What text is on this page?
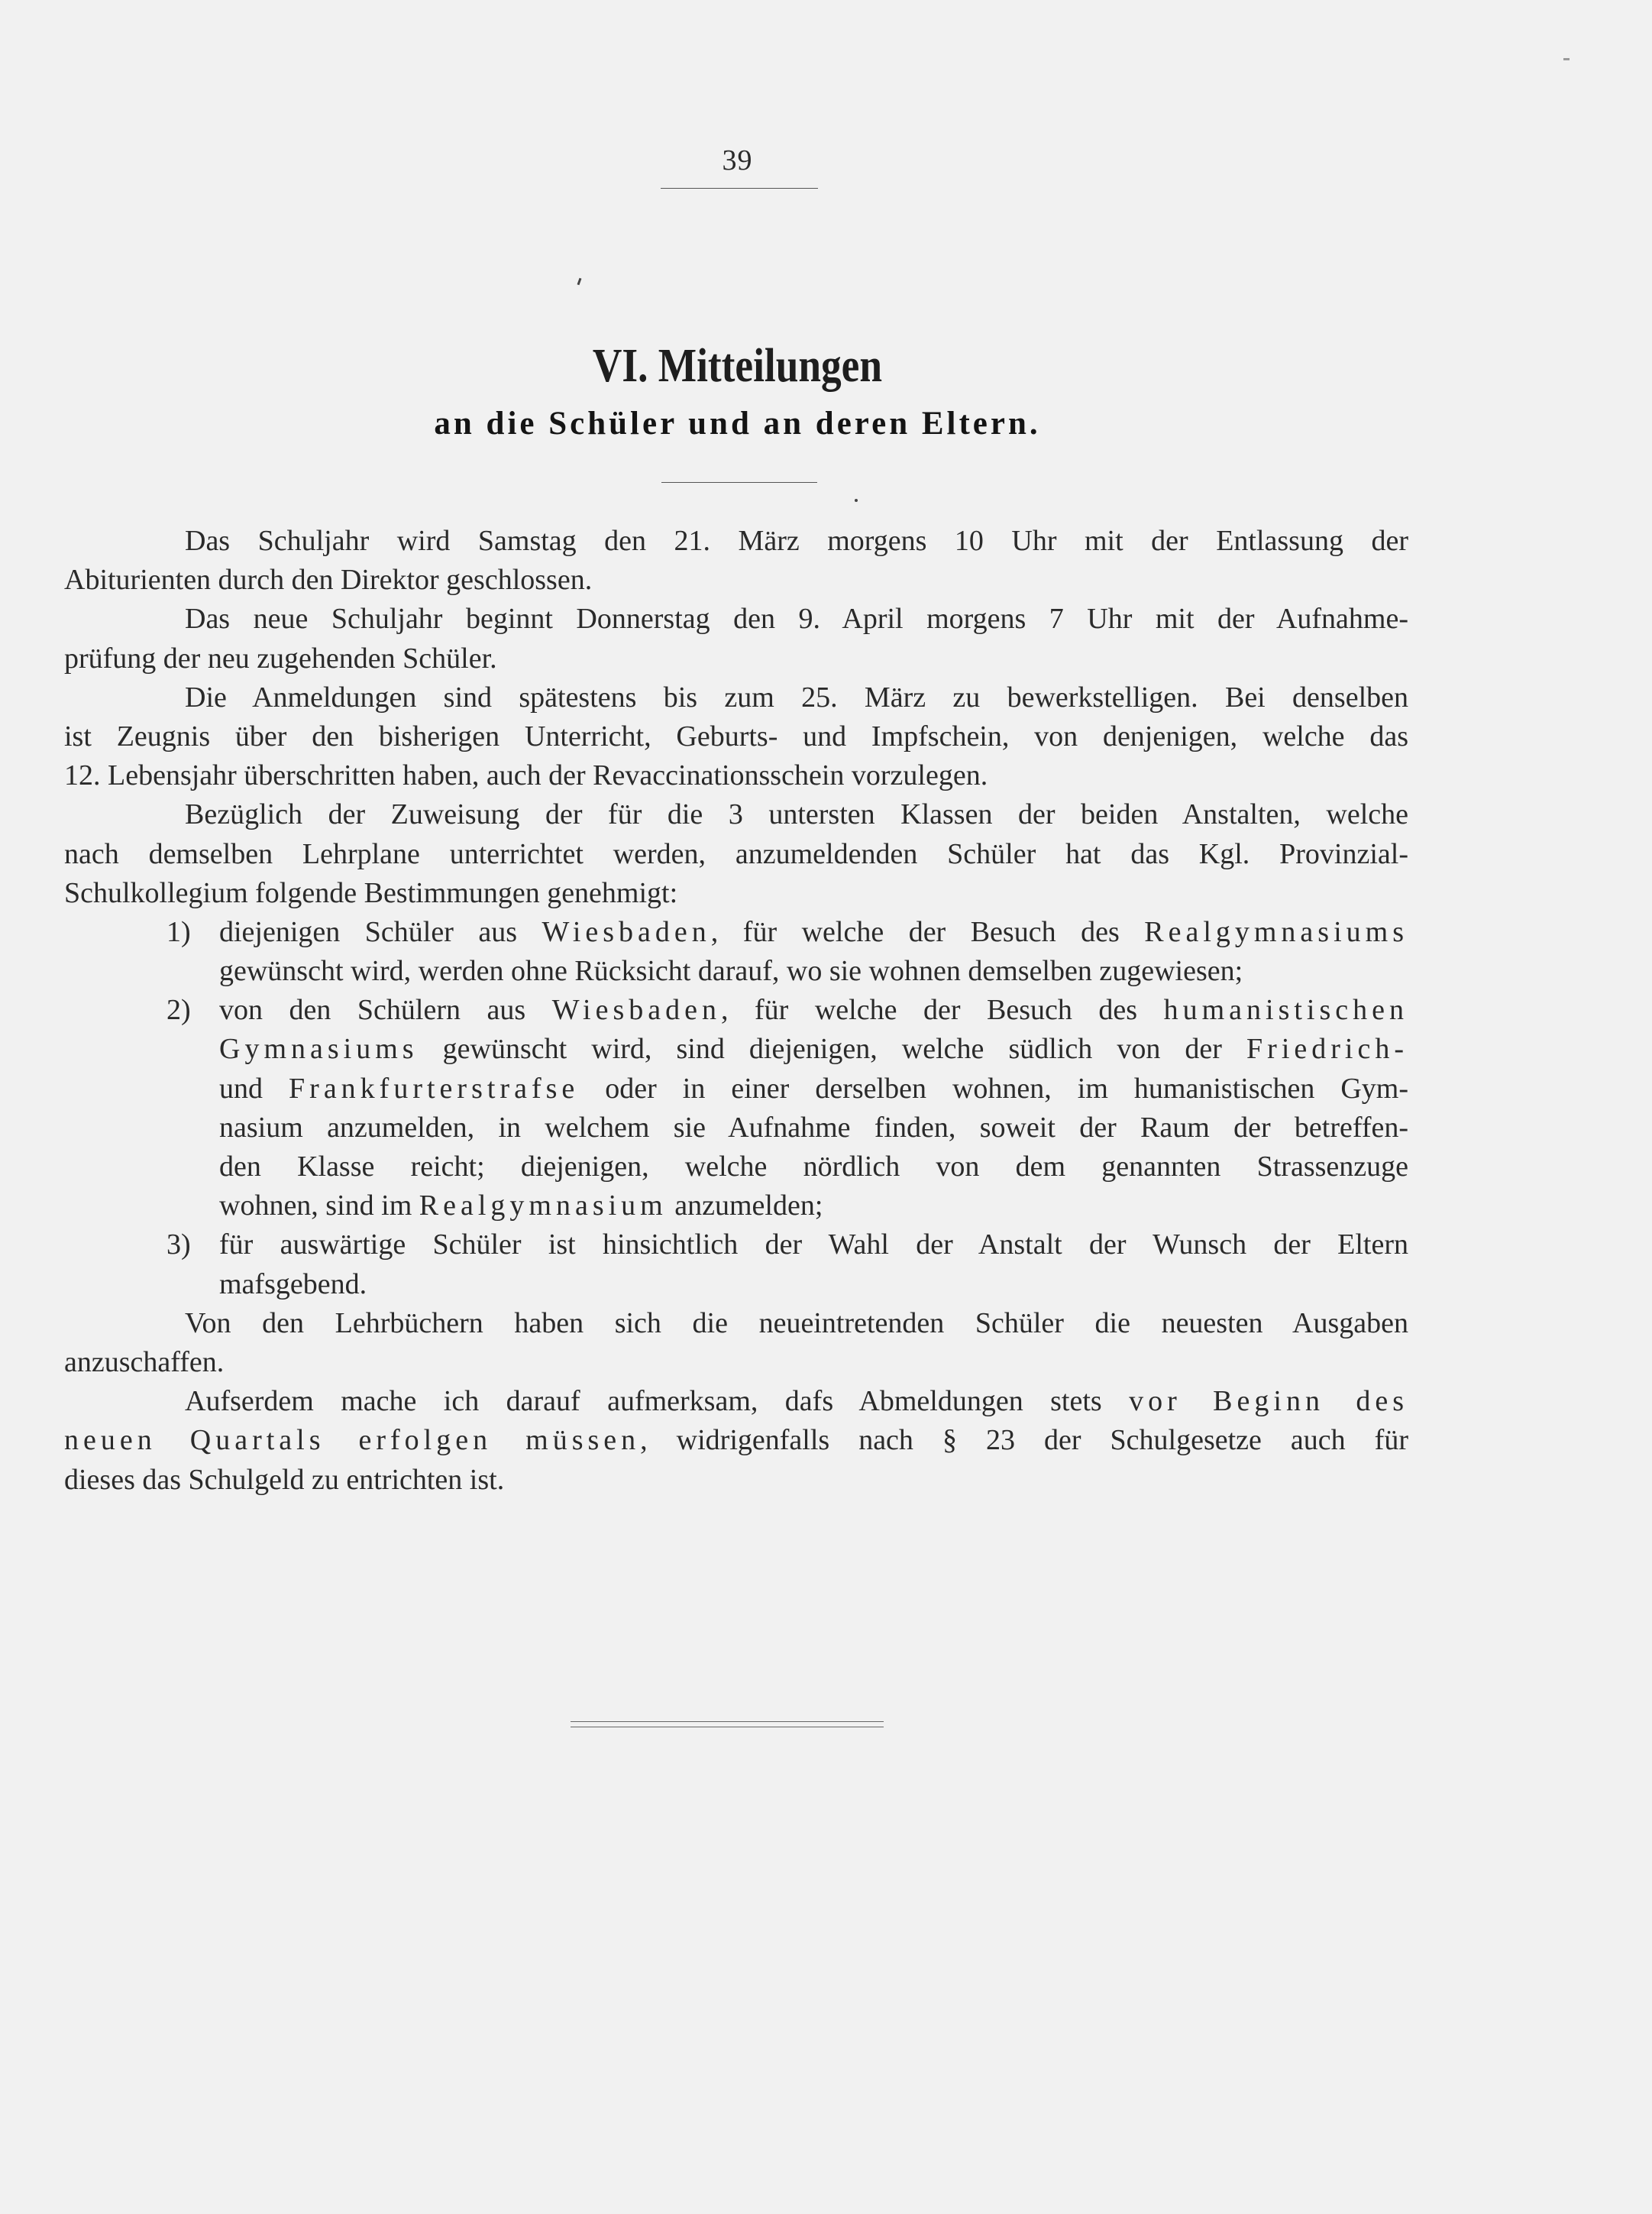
39
VI. Mitteilungen
an die Schüler und an deren Eltern.
Das Schuljahr wird Samstag den 21. März morgens 10 Uhr mit der Entlassung der
Abiturienten durch den Direktor geschlossen.
Das neue Schuljahr beginnt Donnerstag den 9. April morgens 7 Uhr mit der Aufnahme-
prüfung der neu zugehenden Schüler.
Die Anmeldungen sind spätestens bis zum 25. März zu bewerkstelligen. Bei denselben
ist Zeugnis über den bisherigen Unterricht, Geburts- und Impfschein, von denjenigen, welche das
12. Lebensjahr überschritten haben, auch der Revaccinationsschein vorzulegen.
Bezüglich der Zuweisung der für die 3 untersten Klassen der beiden Anstalten, welche
nach demselben Lehrplane unterrichtet werden, anzumeldenden Schüler hat das Kgl. Provinzial-
Schulkollegium folgende Bestimmungen genehmigt:
1) diejenigen Schüler aus Wiesbaden, für welche der Besuch des Realgymnasiums
gewünscht wird, werden ohne Rücksicht darauf, wo sie wohnen demselben zugewiesen;
2) von den Schülern aus Wiesbaden, für welche der Besuch des humanistischen
Gymnasiums gewünscht wird, sind diejenigen, welche südlich von der Friedrich-
und Frankfurterstrafse oder in einer derselben wohnen, im humanistischen Gym-
nasium anzumelden, in welchem sie Aufnahme finden, soweit der Raum der betreffen-
den Klasse reicht; diejenigen, welche nördlich von dem genannten Strassenzuge
wohnen, sind im Realgymnasium anzumelden;
3) für auswärtige Schüler ist hinsichtlich der Wahl der Anstalt der Wunsch der Eltern
mafsgebend.
Von den Lehrbüchern haben sich die neueintretenden Schüler die neuesten Ausgaben
anzuschaffen.
Aufserdem mache ich darauf aufmerksam, dafs Abmeldungen stets vor Beginn des
neuen Quartals erfolgen müssen, widrigenfalls nach § 23 der Schulgesetze auch für
dieses das Schulgeld zu entrichten ist.
